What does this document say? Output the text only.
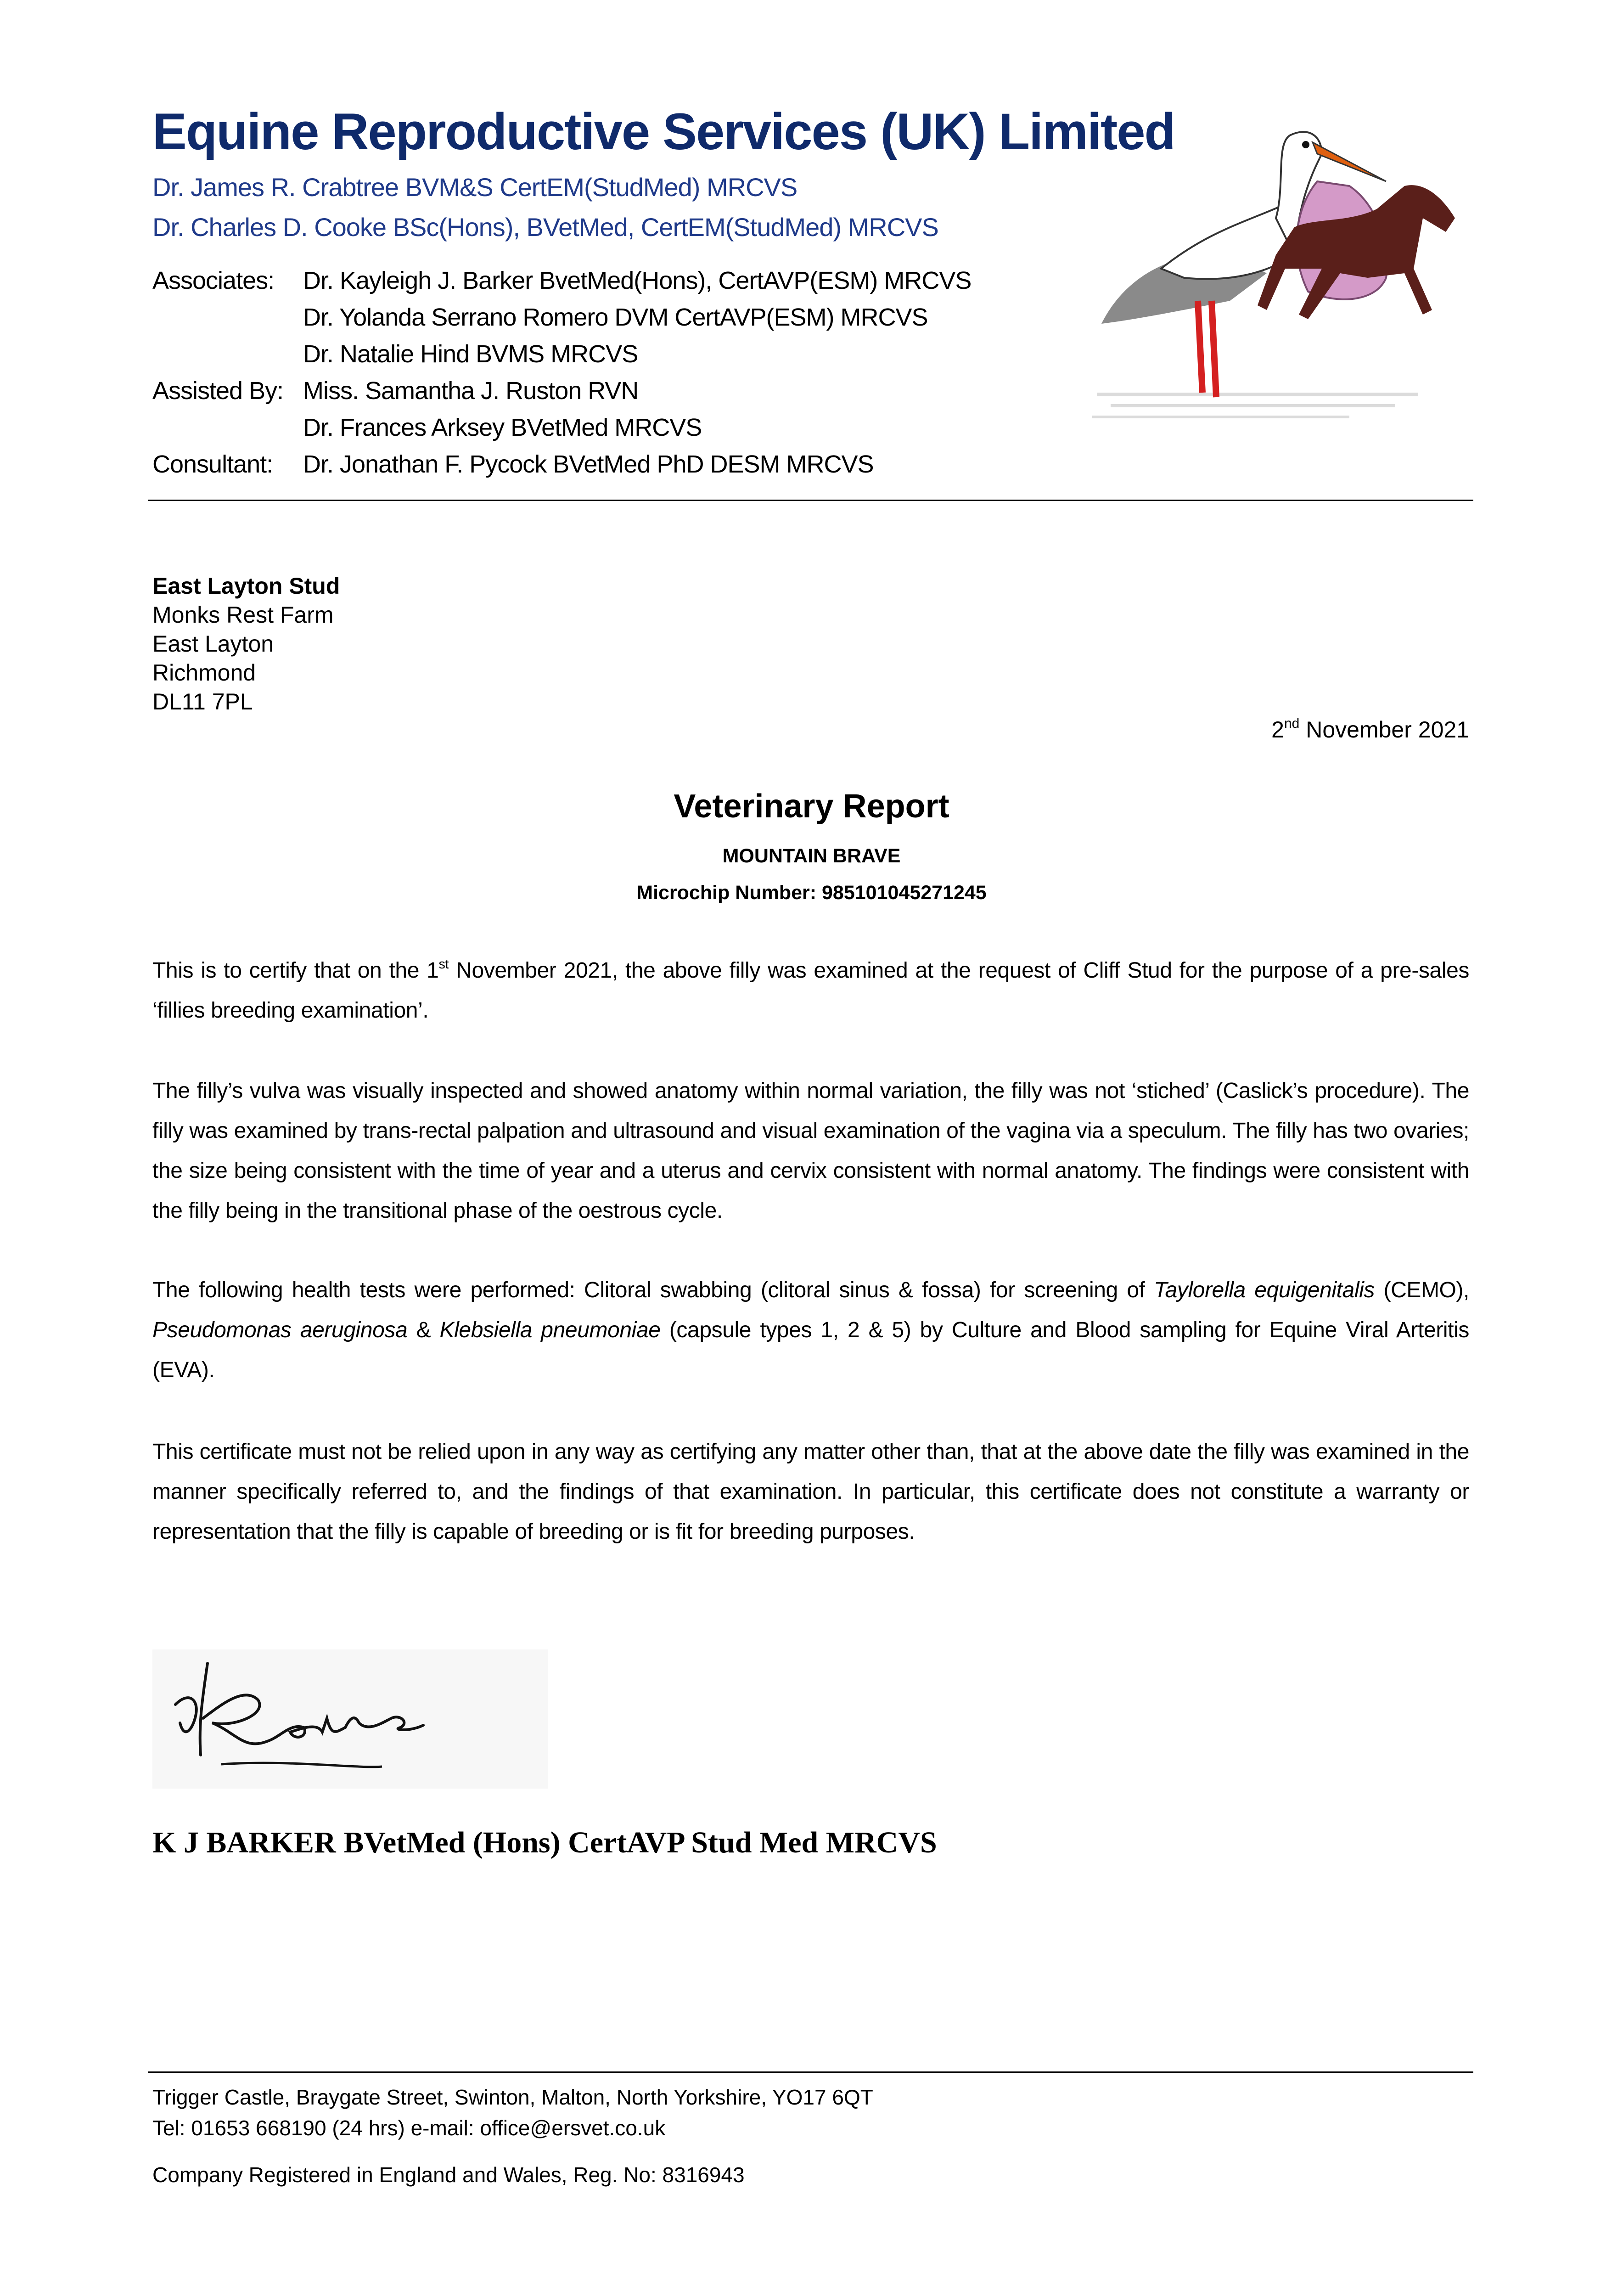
Equine Reproductive Services (UK) Limited
Dr. James R. Crabtree BVM&S CertEM(StudMed) MRCVS
Dr. Charles D. Cooke BSc(Hons), BVetMed, CertEM(StudMed) MRCVS
Associates: Dr. Kayleigh J. Barker BvetMed(Hons), CertAVP(ESM) MRCVS
Dr. Yolanda Serrano Romero DVM CertAVP(ESM) MRCVS
Dr. Natalie Hind BVMS MRCVS
Assisted By: Miss. Samantha J. Ruston RVN
Dr. Frances Arksey BVetMed MRCVS
Consultant: Dr. Jonathan F. Pycock BVetMed PhD DESM MRCVS
East Layton Stud
Monks Rest Farm
East Layton
Richmond
DL11 7PL
2nd November 2021
Veterinary Report
MOUNTAIN BRAVE
Microchip Number: 985101045271245
This is to certify that on the 1st November 2021, the above filly was examined at the request of Cliff Stud for the purpose of a pre-sales ‘fillies breeding examination’.
The filly’s vulva was visually inspected and showed anatomy within normal variation, the filly was not ‘stiched’ (Caslick’s procedure). The filly was examined by trans-rectal palpation and ultrasound and visual examination of the vagina via a speculum. The filly has two ovaries; the size being consistent with the time of year and a uterus and cervix consistent with normal anatomy. The findings were consistent with the filly being in the transitional phase of the oestrous cycle.
The following health tests were performed: Clitoral swabbing (clitoral sinus & fossa) for screening of Taylorella equigenitalis (CEMO), Pseudomonas aeruginosa & Klebsiella pneumoniae (capsule types 1, 2 & 5) by Culture and Blood sampling for Equine Viral Arteritis (EVA).
This certificate must not be relied upon in any way as certifying any matter other than, that at the above date the filly was examined in the manner specifically referred to, and the findings of that examination. In particular, this certificate does not constitute a warranty or representation that the filly is capable of breeding or is fit for breeding purposes.
K J BARKER BVetMed (Hons) CertAVP Stud Med MRCVS
Trigger Castle, Braygate Street, Swinton, Malton, North Yorkshire, YO17 6QT
Tel: 01653 668190 (24 hrs) e-mail: office@ersvet.co.uk
Company Registered in England and Wales, Reg. No: 8316943
